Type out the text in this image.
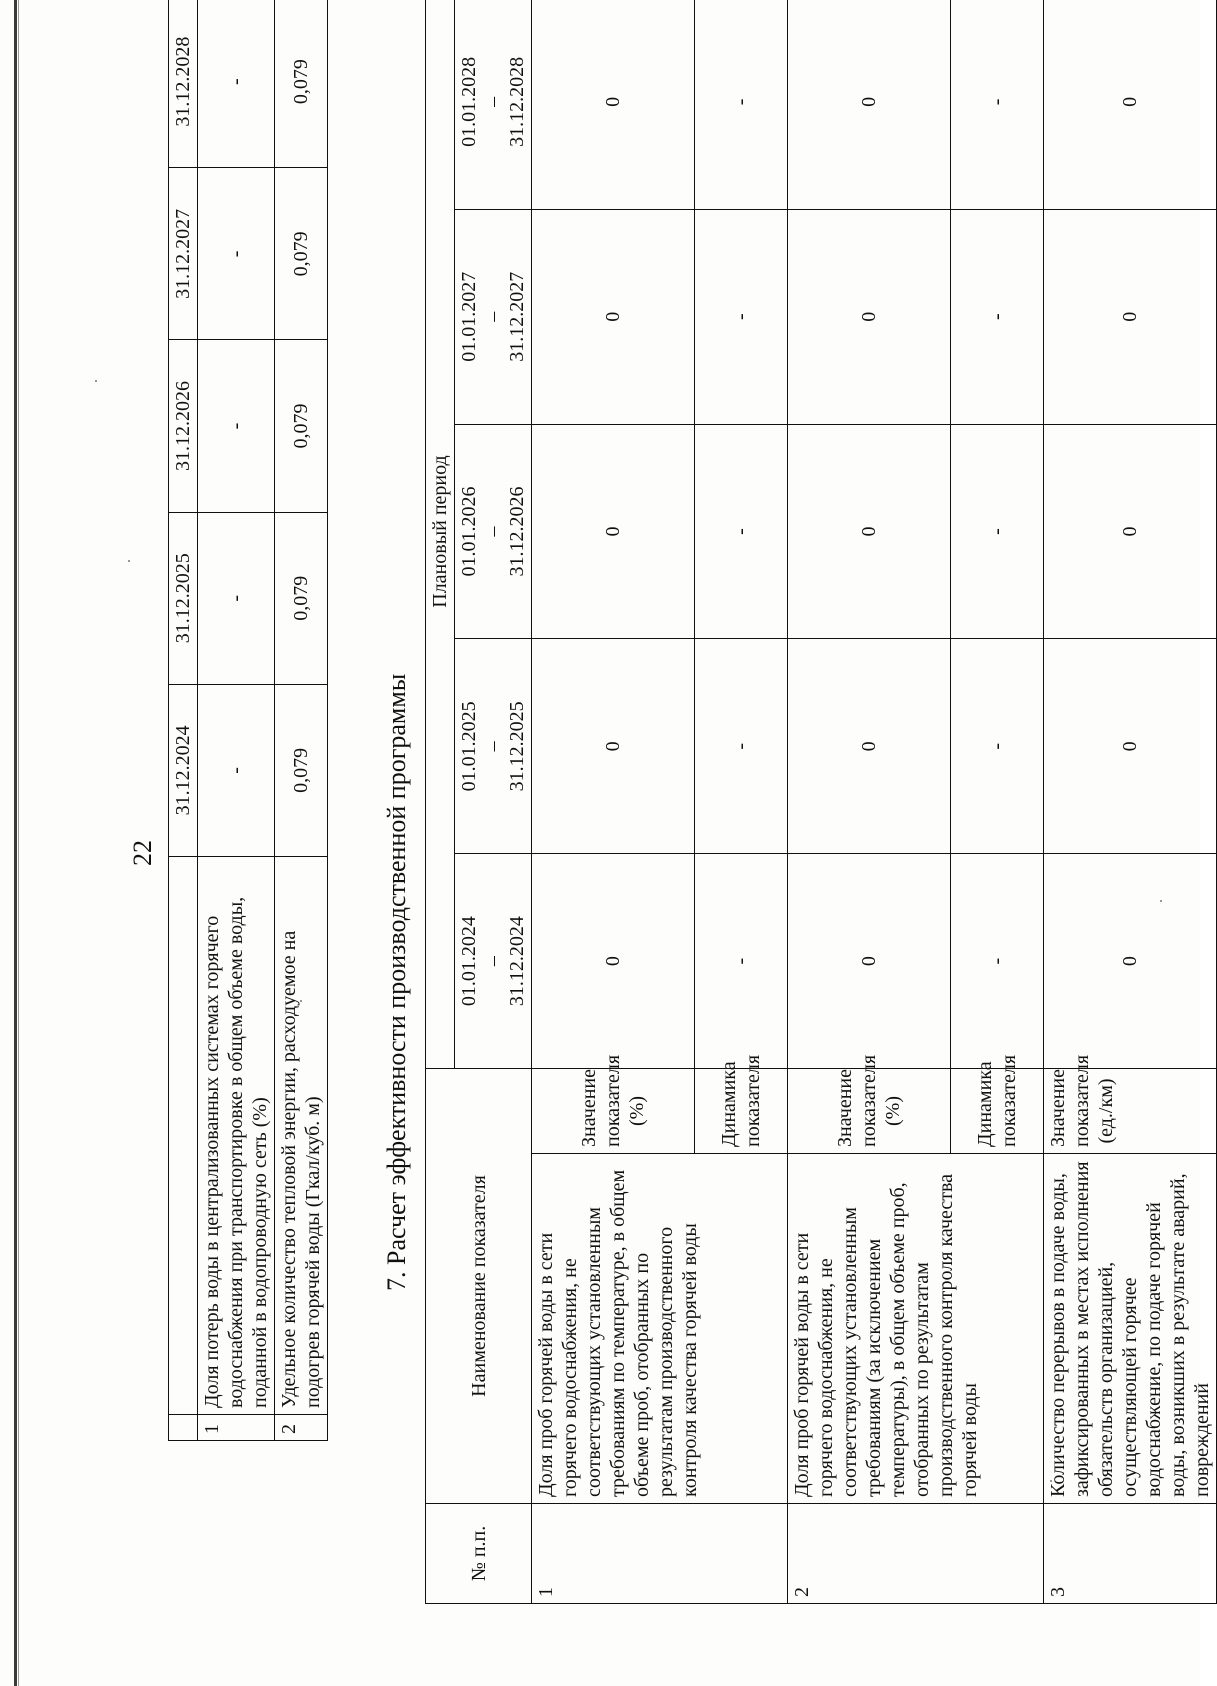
22
		31.12.2024	31.12.2025	31.12.2026	31.12.2027	31.12.2028
1	Доля потерь воды в централизованных системах горячего водоснабжения при транспортировке в общем объеме воды, поданной в водопроводную сеть (%)	-	-	-	-	-
2	Удельное количество тепловой энергии, расходуемое на подогрев горячей воды (Гкал/куб. м)	0,079	0,079	0,079	0,079	0,079
7. Расчет эффективности производственной программы
№ п.п.	Наименование показателя		Плановый период				
			01.01.2024 – 31.12.2024	01.01.2025 – 31.12.2025	01.01.2026 – 31.12.2026	01.01.2027 – 31.12.2027	01.01.2028 – 31.12.2028
1	Доля проб горячей воды в сети горячего водоснабжения, не соответствующих установленным требованиям по температуре, в общем объеме проб, отобранных по результатам производственного контроля качества горячей воды	Значение показателя (%)	0	0	0	0	0
		Динамика показателя	-	-	-	-	-
2	Доля проб горячей воды в сети горячего водоснабжения, не соответствующих установленным требованиям (за исключением температуры), в общем объеме проб, отобранных по результатам производственного контроля качества горячей воды	Значение показателя (%)	0	0	0	0	0
		Динамика показателя	-	-	-	-	-
3	Количество перерывов в подаче воды, зафиксированных в местах исполнения обязательств организацией, осуществляющей горячее водоснабжение, по подаче горячей воды, возникших в результате аварий, повреждений	Значение показателя (ед./км)	0	0	0	0	0
